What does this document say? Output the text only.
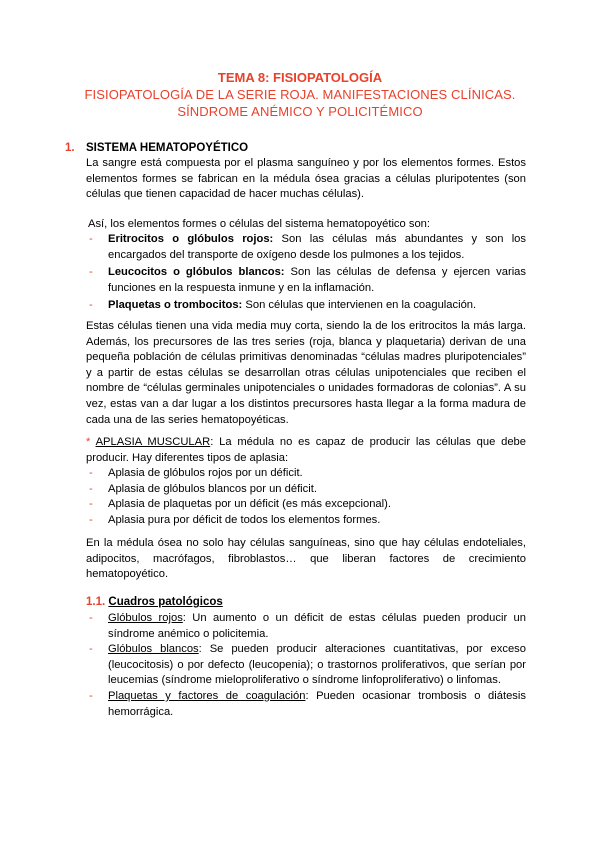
TEMA 8: FISIOPATOLOGÍA
FISIOPATOLOGÍA DE LA SERIE ROJA. MANIFESTACIONES CLÍNICAS.
SÍNDROME ANÉMICO Y POLICITÉMICO
1. SISTEMA HEMATOPOYÉTICO
La sangre está compuesta por el plasma sanguíneo y por los elementos formes. Estos elementos formes se fabrican en la médula ósea gracias a células pluripotentes (son células que tienen capacidad de hacer muchas células).
Así, los elementos formes o células del sistema hematopoyético son:
- Eritrocitos o glóbulos rojos: Son las células más abundantes y son los encargados del transporte de oxígeno desde los pulmones a los tejidos.
- Leucocitos o glóbulos blancos: Son las células de defensa y ejercen varias funciones en la respuesta inmune y en la inflamación.
- Plaquetas o trombocitos: Son células que intervienen en la coagulación.
Estas células tienen una vida media muy corta, siendo la de los eritrocitos la más larga. Además, los precursores de las tres series (roja, blanca y plaquetaria) derivan de una pequeña población de células primitivas denominadas “células madres pluripotenciales” y a partir de estas células se desarrollan otras células unipotenciales que reciben el nombre de “células germinales unipotenciales o unidades formadoras de colonias”. A su vez, estas van a dar lugar a los distintos precursores hasta llegar a la forma madura de cada una de las series hematopoyéticas.
* APLASIA MUSCULAR: La médula no es capaz de producir las células que debe producir. Hay diferentes tipos de aplasia:
- Aplasia de glóbulos rojos por un déficit.
- Aplasia de glóbulos blancos por un déficit.
- Aplasia de plaquetas por un déficit (es más excepcional).
- Aplasia pura por déficit de todos los elementos formes.
En la médula ósea no solo hay células sanguíneas, sino que hay células endoteliales, adipocitos, macrófagos, fibroblastos… que liberan factores de crecimiento hematopoyético.
1.1. Cuadros patológicos
- Glóbulos rojos: Un aumento o un déficit de estas células pueden producir un síndrome anémico o policitemia.
- Glóbulos blancos: Se pueden producir alteraciones cuantitativas, por exceso (leucocitosis) o por defecto (leucopenia); o trastornos proliferativos, que serían por leucemias (síndrome mieloproliferativo o síndrome linfoproliferativo) o linfomas.
- Plaquetas y factores de coagulación: Pueden ocasionar trombosis o diátesis hemorrágica.
